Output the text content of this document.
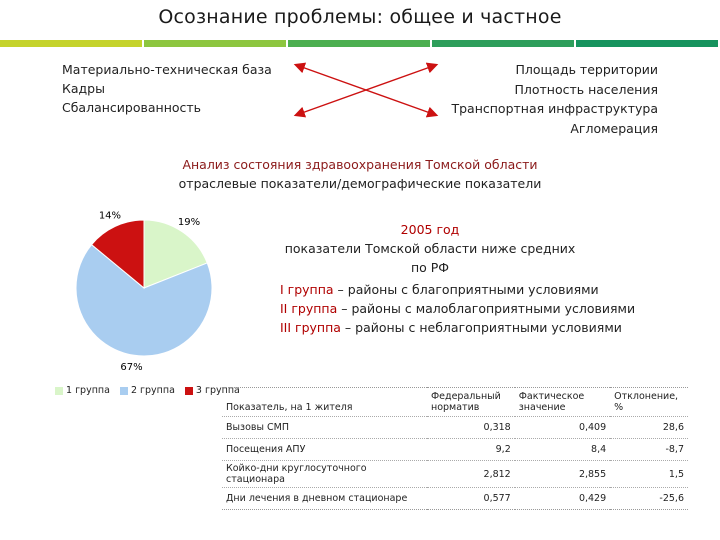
Осознание проблемы: общее и частное
Материально-техническая база
Кадры
Сбалансированность
Площадь территории
Плотность населения
Транспортная инфраструктура
Агломерация
Анализ состояния здравоохранения Томской области
отраслевые показатели/демографические показатели
19%
67%
14%
1 группа 2 группа 3 группа
2005 год
показатели Томской области ниже средних по РФ
I группа – районы с благоприятными условиями
II группа – районы с малоблагоприятными условиями
III группа – районы с неблагоприятными условиями
Показатель, на 1 жителя	Федеральный норматив	Фактическое значение	Отклонение, %
Вызовы СМП	0,318	0,409	28,6
Посещения АПУ	9,2	8,4	-8,7
Койко-дни круглосуточного стационара	2,812	2,855	1,5
Дни лечения в дневном стационаре	0,577	0,429	-25,6
